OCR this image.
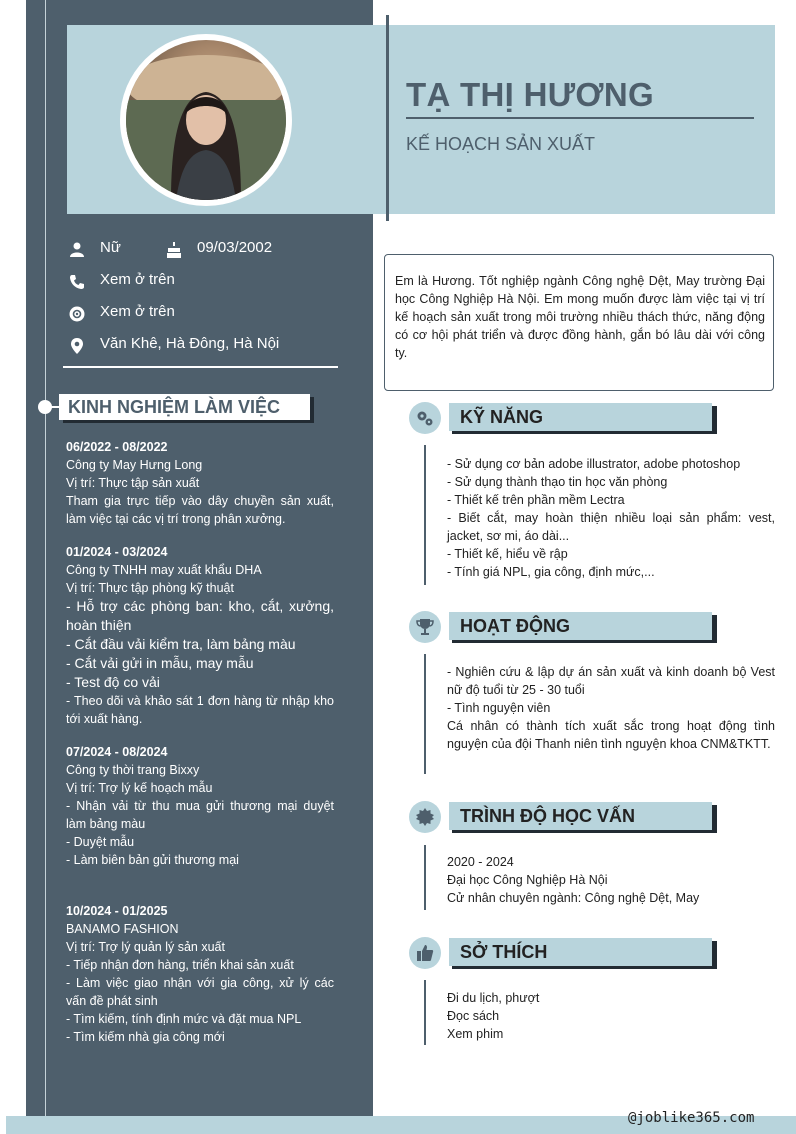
TẠ THỊ HƯƠNG
KẾ HOẠCH SẢN XUẤT
Nữ	09/03/2002
Xem ở trên
Xem ở trên
Văn Khê, Hà Đông, Hà Nội
KINH NGHIỆM LÀM VIỆC
06/2022 - 08/2022
Công ty May Hưng Long
Vị trí: Thực tập sản xuất
Tham gia trực tiếp vào dây chuyền sản xuất, làm việc tại các vị trí trong phân xưởng.
01/2024 - 03/2024
Công ty TNHH may xuất khẩu DHA
Vị trí: Thực tập phòng kỹ thuật
- Hỗ trợ các phòng ban: kho, cắt, xưởng, hoàn thiện
- Cắt đầu vải kiểm tra, làm bảng màu
- Cắt vải gửi in mẫu, may mẫu
- Test độ co vải
- Theo dõi và khảo sát 1 đơn hàng từ nhập kho tới xuất hàng.
07/2024 - 08/2024
Công ty thời trang Bixxy
Vị trí: Trợ lý kế hoạch mẫu
- Nhận vải từ thu mua gửi thương mại duyệt làm bảng màu
- Duyệt mẫu
- Làm biên bản gửi thương mại
10/2024 - 01/2025
BANAMO FASHION
Vị trí: Trợ lý quản lý sản xuất
- Tiếp nhận đơn hàng, triển khai sản xuất
- Làm việc giao nhận với gia công, xử lý các vấn đề phát sinh
- Tìm kiếm, tính định mức và đặt mua NPL
- Tìm kiếm nhà gia công mới
Em là Hương. Tốt nghiệp ngành Công nghệ Dệt, May trường Đại học Công Nghiệp Hà Nội. Em mong muốn được làm việc tại vị trí kế hoạch sản xuất trong môi trường nhiều thách thức, năng động có cơ hội phát triển và được đồng hành, gắn bó lâu dài với công ty.
KỸ NĂNG
- Sử dụng cơ bản adobe illustrator, adobe photoshop
- Sử dụng thành thạo tin học văn phòng
- Thiết kế trên phần mềm Lectra
- Biết cắt, may hoàn thiện nhiều loại sản phẩm: vest, jacket, sơ mi, áo dài...
- Thiết kế, hiểu về rập
- Tính giá NPL, gia công, định mức,...
HOẠT ĐỘNG
- Nghiên cứu & lập dự án sản xuất và kinh doanh bộ Vest nữ độ tuổi từ 25 - 30 tuổi
- Tình nguyện viên
Cá nhân có thành tích xuất sắc trong hoạt động tình nguyện của đội Thanh niên tình nguyện khoa CNM&TKTT.
TRÌNH ĐỘ HỌC VẤN
2020 - 2024
Đại học Công Nghiệp Hà Nội
Cử nhân chuyên ngành: Công nghệ Dệt, May
SỞ THÍCH
Đi du lịch, phượt
Đọc sách
Xem phim
@joblike365.com
